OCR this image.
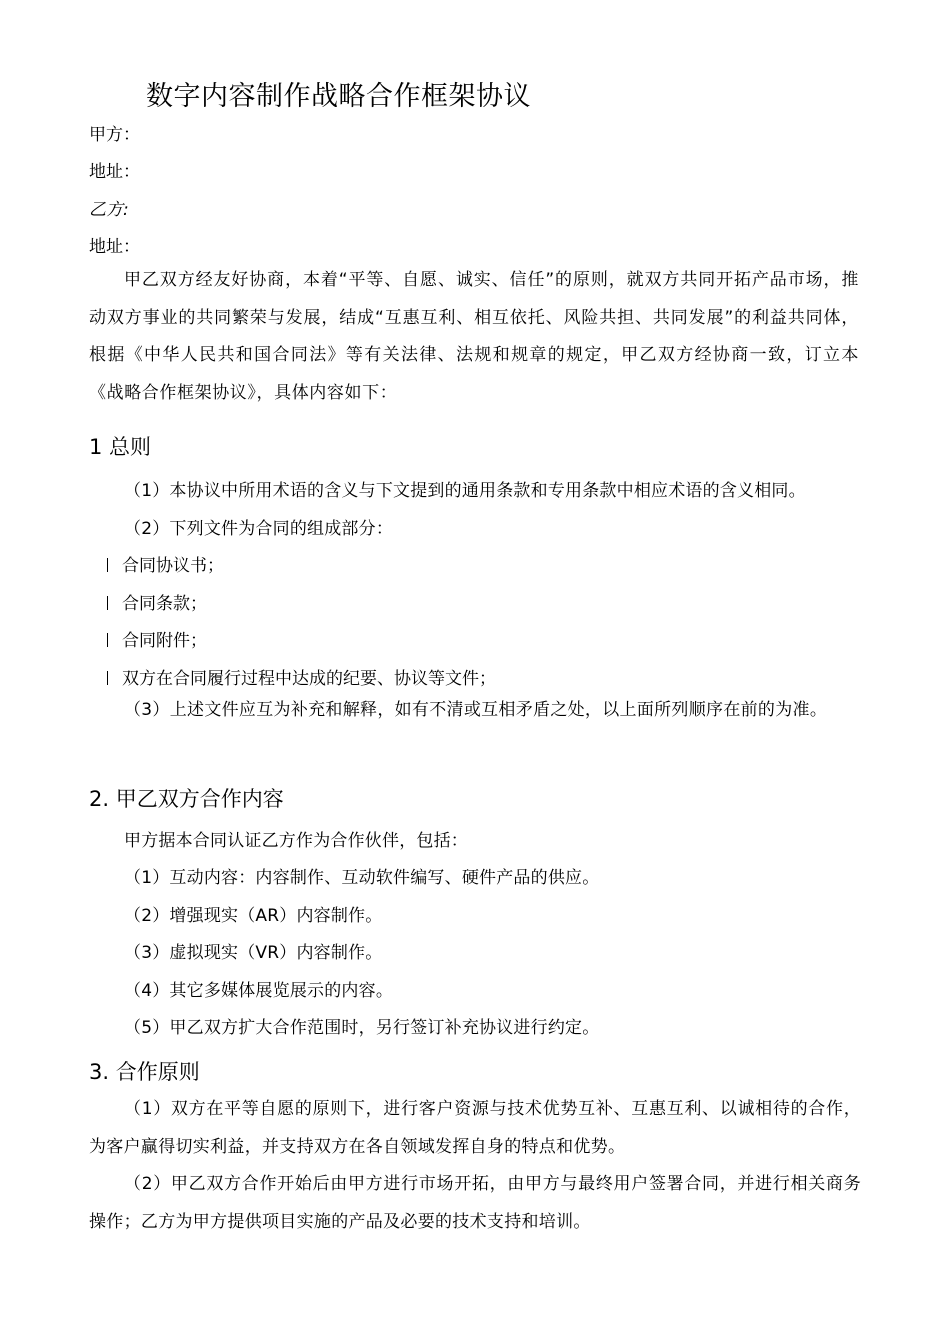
数字内容制作战略合作框架协议
甲方：
地址：
乙方:
地址：
甲乙双方经友好协商，本着“平等、自愿、诚实、信任”的原则，就双方共同开拓产品市场，推动双方事业的共同繁荣与发展，结成“互惠互利、相互依托、风险共担、共同发展”的利益共同体，根据《中华人民共和国合同法》等有关法律、法规和规章的规定，甲乙双方经协商一致，订立本《战略合作框架协议》，具体内容如下：
1 总则
（1）本协议中所用术语的含义与下文提到的通用条款和专用条款中相应术语的含义相同。
（2）下列文件为合同的组成部分：
合同协议书；
合同条款；
合同附件；
双方在合同履行过程中达成的纪要、协议等文件；
（3）上述文件应互为补充和解释，如有不清或互相矛盾之处，以上面所列顺序在前的为准。
2. 甲乙双方合作内容
甲方据本合同认证乙方作为合作伙伴，包括：
（1）互动内容：内容制作、互动软件编写、硬件产品的供应。
（2）增强现实（AR）内容制作。
（3）虚拟现实（VR）内容制作。
（4）其它多媒体展览展示的内容。
（5）甲乙双方扩大合作范围时，另行签订补充协议进行约定。
3. 合作原则
（1）双方在平等自愿的原则下，进行客户资源与技术优势互补、互惠互利、以诚相待的合作，为客户赢得切实利益，并支持双方在各自领域发挥自身的特点和优势。
（2）甲乙双方合作开始后由甲方进行市场开拓，由甲方与最终用户签署合同，并进行相关商务操作；乙方为甲方提供项目实施的产品及必要的技术支持和培训。
